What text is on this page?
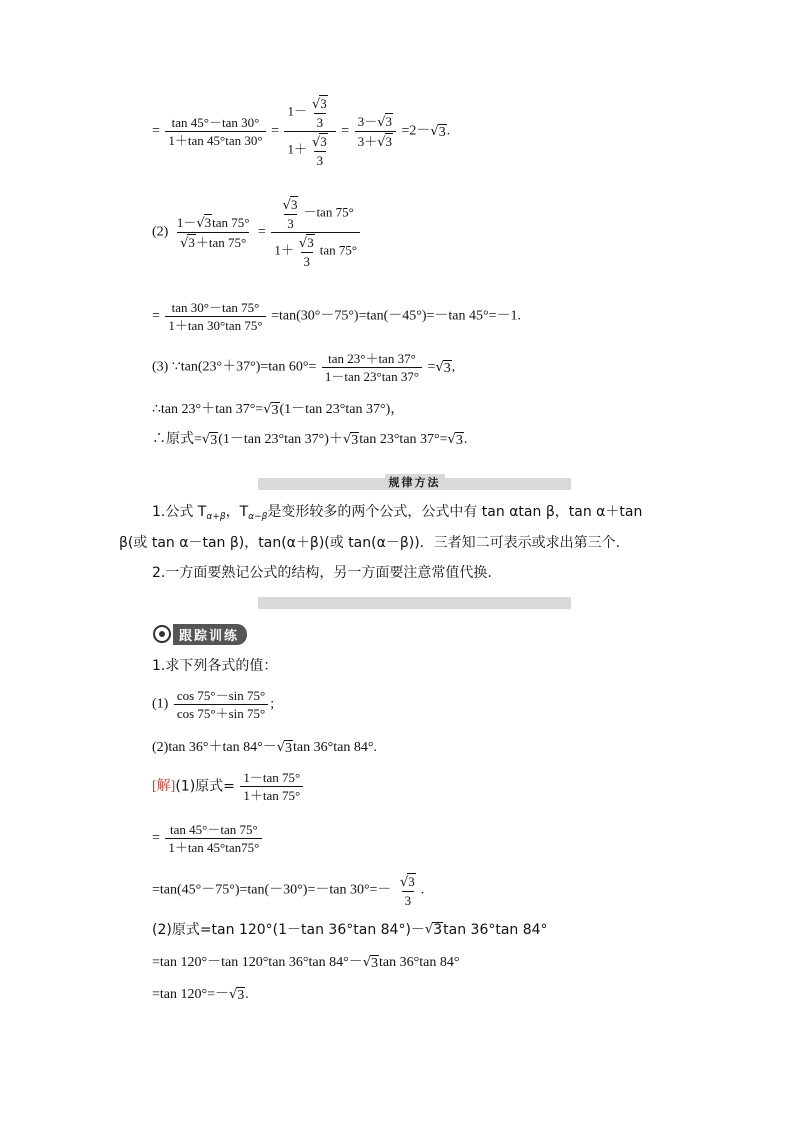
= $\frac{\tan 45^\circ-\tan 30^\circ}{1+\tan 45^\circ\tan 30^\circ} = \frac{1- \frac{√3}{3}}{1+ \frac{√3}{3}} = \frac{3-√3}{3+√3} =2-√3$.
$(2) \frac{1-√3\tan 75^\circ}{√3+\tan 75^\circ} = \frac{\frac{√3}{3} -\tan 75^\circ}{1+ \frac{√3}{3} \tan 75^\circ}$
= $\frac{\tan 30^\circ-\tan 75^\circ}{1+\tan 30^\circ\tan 75^\circ} =\tan(30^\circ-75^\circ)=\tan(-45^\circ)=-\tan$ 45°=－1.
(3) ∵tan(23°＋37°)=tan $60^\circ= \frac{\tan 23^\circ+\tan 37^\circ}{1-\tan 23^\circ\tan 37^\circ} =√3$,
∴tan 23°＋tan 37°=√3(1－tan 23°tan 37°)，
∴原式=√3(1－tan 23°tan 37°)＋√3tan 23°tan 37°=√3.
规律方法
1.公式 $T_{\alpha+\beta}$，$T_{\alpha-\beta}$是变形较多的两个公式，公式中有 tan αtan β，tan α＋tan
β(或 tan α－tan β)，tan(α＋β)(或 tan(α－β))．三者知二可表示或求出第三个.
2.一方面要熟记公式的结构，另一方面要注意常值代换.
跟踪训练
1.求下列各式的值：
$(1) \frac{\cos 75^\circ-\sin 75^\circ}{\cos 75^\circ+\sin 75^\circ}$ ;
(2)tan 36°＋tan 84°－√3tan 36°tan 84°.
[解](1)原式= $\frac{1-\tan 75^\circ}{1+\tan 75^\circ}$
= $\frac{\tan 45^\circ-\tan 75^\circ}{1+\tan 45^\circ\tan 75^\circ}$
=tan(45°－75°)=tan(－30°)=－tan $30^\circ=- \frac{√3}{3}$ .
(2)原式=tan 120°(1－tan 36°tan 84°)－√3tan 36°tan 84°
=tan 120°－tan 120°tan 36°tan 84°－√3tan 36°tan 84°
=tan 120°=－√3.
